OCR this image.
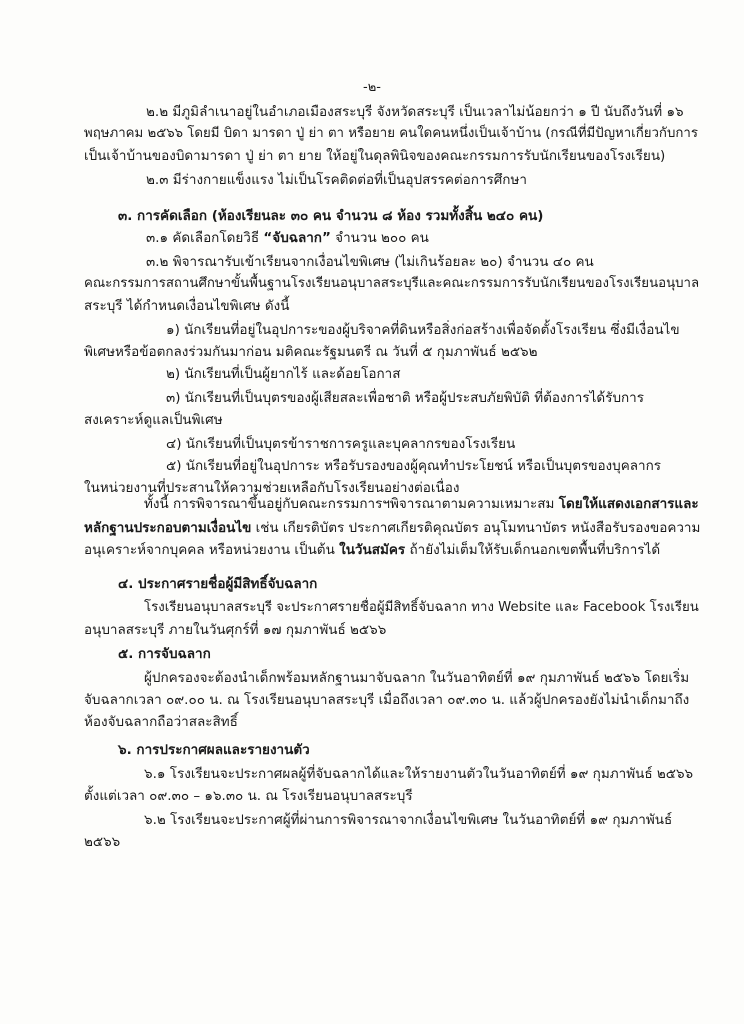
-๒-
๒.๒ มีภูมิลำเนาอยู่ในอำเภอเมืองสระบุรี จังหวัดสระบุรี เป็นเวลาไม่น้อยกว่า ๑ ปี นับถึงวันที่ ๑๖
พฤษภาคม ๒๕๖๖ โดยมี บิดา มารดา ปู่ ย่า ตา หรือยาย คนใดคนหนึ่งเป็นเจ้าบ้าน (กรณีที่มีปัญหาเกี่ยวกับการ
เป็นเจ้าบ้านของบิดามารดา ปู่ ย่า ตา ยาย ให้อยู่ในดุลพินิจของคณะกรรมการรับนักเรียนของโรงเรียน)
๒.๓ มีร่างกายแข็งแรง ไม่เป็นโรคติดต่อที่เป็นอุปสรรคต่อการศึกษา
๓. การคัดเลือก (ห้องเรียนละ ๓๐ คน จำนวน ๘ ห้อง รวมทั้งสิ้น ๒๔๐ คน)
๓.๑ คัดเลือกโดยวิธี “จับฉลาก” จำนวน ๒๐๐ คน
๓.๒ พิจารณารับเข้าเรียนจากเงื่อนไขพิเศษ (ไม่เกินร้อยละ ๒๐) จำนวน ๔๐ คน
คณะกรรมการสถานศึกษาขั้นพื้นฐานโรงเรียนอนุบาลสระบุรีและคณะกรรมการรับนักเรียนของโรงเรียนอนุบาล
สระบุรี ได้กำหนดเงื่อนไขพิเศษ ดังนี้
๑) นักเรียนที่อยู่ในอุปการะของผู้บริจาคที่ดินหรือสิ่งก่อสร้างเพื่อจัดตั้งโรงเรียน ซึ่งมีเงื่อนไข
พิเศษหรือข้อตกลงร่วมกันมาก่อน มติคณะรัฐมนตรี ณ วันที่ ๕ กุมภาพันธ์ ๒๕๖๒
๒) นักเรียนที่เป็นผู้ยากไร้ และด้อยโอกาส
๓) นักเรียนที่เป็นบุตรของผู้เสียสละเพื่อชาติ หรือผู้ประสบภัยพิบัติ ที่ต้องการได้รับการ
สงเคราะห์ดูแลเป็นพิเศษ
๔) นักเรียนที่เป็นบุตรข้าราชการครูและบุคลากรของโรงเรียน
๕) นักเรียนที่อยู่ในอุปการะ หรือรับรองของผู้คุณทำประโยชน์ หรือเป็นบุตรของบุคลากร
ในหน่วยงานที่ประสานให้ความช่วยเหลือกับโรงเรียนอย่างต่อเนื่อง
ทั้งนี้ การพิจารณาขึ้นอยู่กับคณะกรรมการฯพิจารณาตามความเหมาะสม โดยให้แสดงเอกสารและ
หลักฐานประกอบตามเงื่อนไข เช่น เกียรติบัตร ประกาศเกียรติคุณบัตร อนุโมทนาบัตร หนังสือรับรองขอความ
อนุเคราะห์จากบุคคล หรือหน่วยงาน เป็นต้น ในวันสมัคร ถ้ายังไม่เต็มให้รับเด็กนอกเขตพื้นที่บริการได้
๔. ประกาศรายชื่อผู้มีสิทธิ์จับฉลาก
โรงเรียนอนุบาลสระบุรี จะประกาศรายชื่อผู้มีสิทธิ์จับฉลาก ทาง Website และ Facebook โรงเรียน
อนุบาลสระบุรี ภายในวันศุกร์ที่ ๑๗ กุมภาพันธ์ ๒๕๖๖
๕. การจับฉลาก
ผู้ปกครองจะต้องนำเด็กพร้อมหลักฐานมาจับฉลาก ในวันอาทิตย์ที่ ๑๙ กุมภาพันธ์ ๒๕๖๖ โดยเริ่ม
จับฉลากเวลา ๐๙.๐๐ น. ณ โรงเรียนอนุบาลสระบุรี เมื่อถึงเวลา ๐๙.๓๐ น. แล้วผู้ปกครองยังไม่นำเด็กมาถึง
ห้องจับฉลากถือว่าสละสิทธิ์
๖. การประกาศผลและรายงานตัว
๖.๑ โรงเรียนจะประกาศผลผู้ที่จับฉลากได้และให้รายงานตัวในวันอาทิตย์ที่ ๑๙ กุมภาพันธ์ ๒๕๖๖
ตั้งแต่เวลา ๐๙.๓๐ – ๑๖.๓๐ น. ณ โรงเรียนอนุบาลสระบุรี
๖.๒ โรงเรียนจะประกาศผู้ที่ผ่านการพิจารณาจากเงื่อนไขพิเศษ ในวันอาทิตย์ที่ ๑๙ กุมภาพันธ์
๒๕๖๖
